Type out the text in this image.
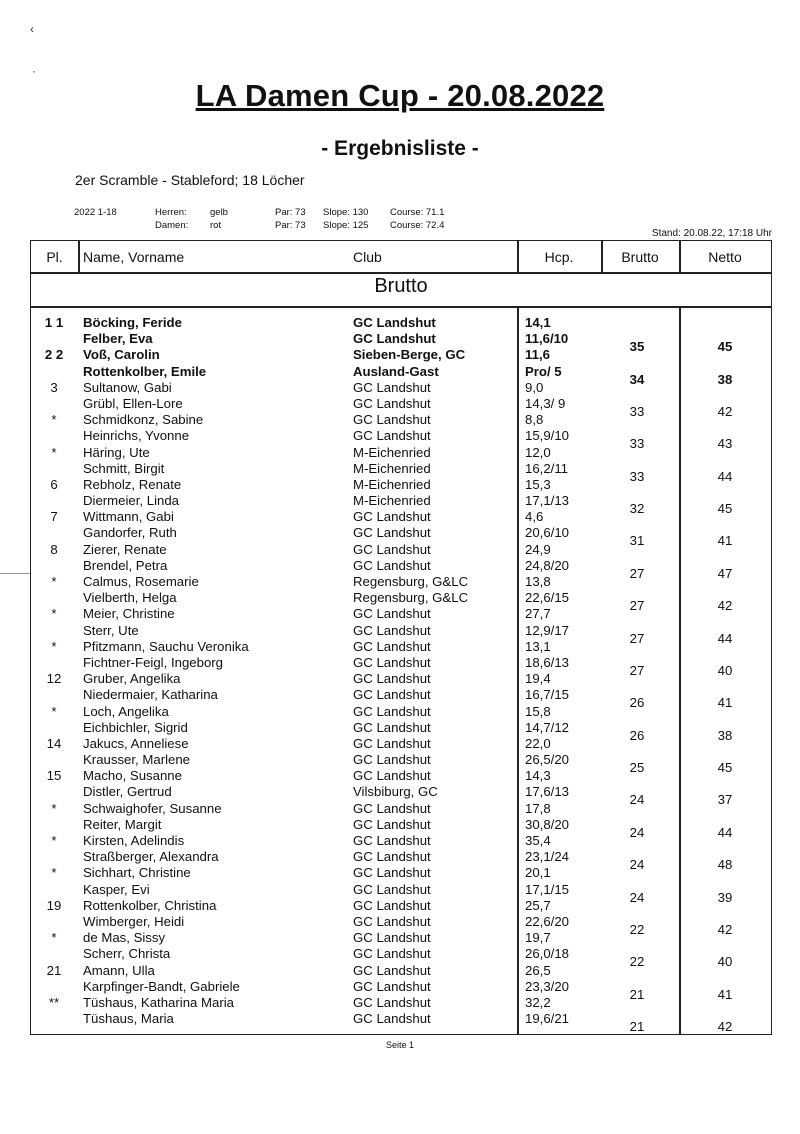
‹
·
LA Damen Cup - 20.08.2022
- Ergebnisliste -
2er Scramble - Stableford; 18 Löcher
2022 1-18	Herren: gelb	Par: 73 Slope: 130 Course: 71.1
Damen: rot	Par: 73 Slope: 125 Course: 72.4
Stand: 20.08.22, 17:18 Uhr
Pl.	Name, Vorname	Club	Hcp.	Brutto	Netto
Brutto
1 1	Böcking, Feride	GC Landshut	14,1
Felber, Eva	GC Landshut	11,6/10
35	45
2 2	Voß, Carolin	Sieben-Berge, GC	11,6
Rottenkolber, Emile	Ausland-Gast	Pro/ 5
34	38
3	Sultanow, Gabi	GC Landshut	9,0
Grübl, Ellen-Lore	GC Landshut	14,3/ 9
33	42
*	Schmidkonz, Sabine	GC Landshut	8,8
Heinrichs, Yvonne	GC Landshut	15,9/10
33	43
*	Häring, Ute	M-Eichenried	12,0
Schmitt, Birgit	M-Eichenried	16,2/11
33	44
6	Rebholz, Renate	M-Eichenried	15,3
Diermeier, Linda	M-Eichenried	17,1/13
32	45
7	Wittmann, Gabi	GC Landshut	4,6
Gandorfer, Ruth	GC Landshut	20,6/10
31	41
8	Zierer, Renate	GC Landshut	24,9
Brendel, Petra	GC Landshut	24,8/20
27	47
*	Calmus, Rosemarie	Regensburg, G&LC	13,8
Vielberth, Helga	Regensburg, G&LC	22,6/15
27	42
*	Meier, Christine	GC Landshut	27,7
Sterr, Ute	GC Landshut	12,9/17
27	44
*	Pfitzmann, Sauchu Veronika	GC Landshut	13,1
Fichtner-Feigl, Ingeborg	GC Landshut	18,6/13
27	40
12	Gruber, Angelika	GC Landshut	19,4
Niedermaier, Katharina	GC Landshut	16,7/15
26	41
*	Loch, Angelika	GC Landshut	15,8
Eichbichler, Sigrid	GC Landshut	14,7/12
26	38
14	Jakucs, Anneliese	GC Landshut	22,0
Krausser, Marlene	GC Landshut	26,5/20
25	45
15	Macho, Susanne	GC Landshut	14,3
Distler, Gertrud	Vilsbiburg, GC	17,6/13
24	37
*	Schwaighofer, Susanne	GC Landshut	17,8
Reiter, Margit	GC Landshut	30,8/20
24	44
*	Kirsten, Adelindis	GC Landshut	35,4
Straßberger, Alexandra	GC Landshut	23,1/24
24	48
*	Sichhart, Christine	GC Landshut	20,1
Kasper, Evi	GC Landshut	17,1/15
24	39
19	Rottenkolber, Christina	GC Landshut	25,7
Wimberger, Heidi	GC Landshut	22,6/20
22	42
*	de Mas, Sissy	GC Landshut	19,7
Scherr, Christa	GC Landshut	26,0/18
22	40
21	Amann, Ulla	GC Landshut	26,5
Karpfinger-Bandt, Gabriele	GC Landshut	23,3/20
21	41
**	Tüshaus, Katharina Maria	GC Landshut	32,2
Tüshaus, Maria	GC Landshut	19,6/21
21	42
Seite 1
